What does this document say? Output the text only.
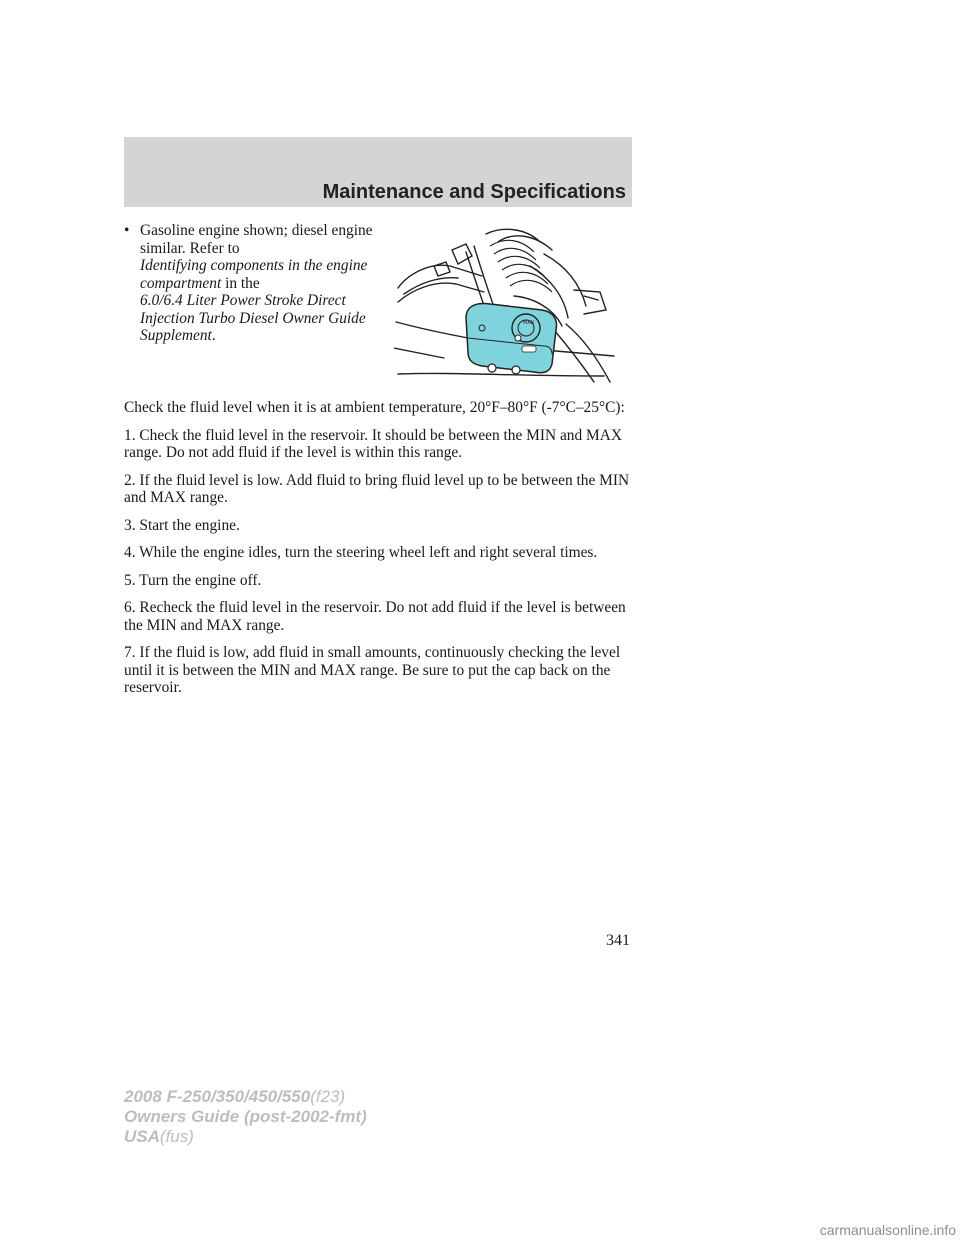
Maintenance and Specifications
• Gasoline engine shown; diesel engine similar. Refer to
Identifying components in the engine compartment in the
6.0/6.4 Liter Power Stroke Direct Injection Turbo Diesel Owner Guide Supplement.
MAX

Check the fluid level when it is at ambient temperature, 20°F–80°F (-7°C–25°C):

1. Check the fluid level in the reservoir. It should be between the MIN and MAX range. Do not add fluid if the level is within this range.

2. If the fluid level is low. Add fluid to bring fluid level up to be between the MIN and MAX range.

3. Start the engine.

4. While the engine idles, turn the steering wheel left and right several times.

5. Turn the engine off.

6. Recheck the fluid level in the reservoir. Do not add fluid if the level is between the MIN and MAX range.

7. If the fluid is low, add fluid in small amounts, continuously checking the level until it is between the MIN and MAX range. Be sure to put the cap back on the reservoir.

341
2008 F-250/350/450/550(f23)
Owners Guide (post-2002-fmt)
USA(fus)
carmanualsonline.info
